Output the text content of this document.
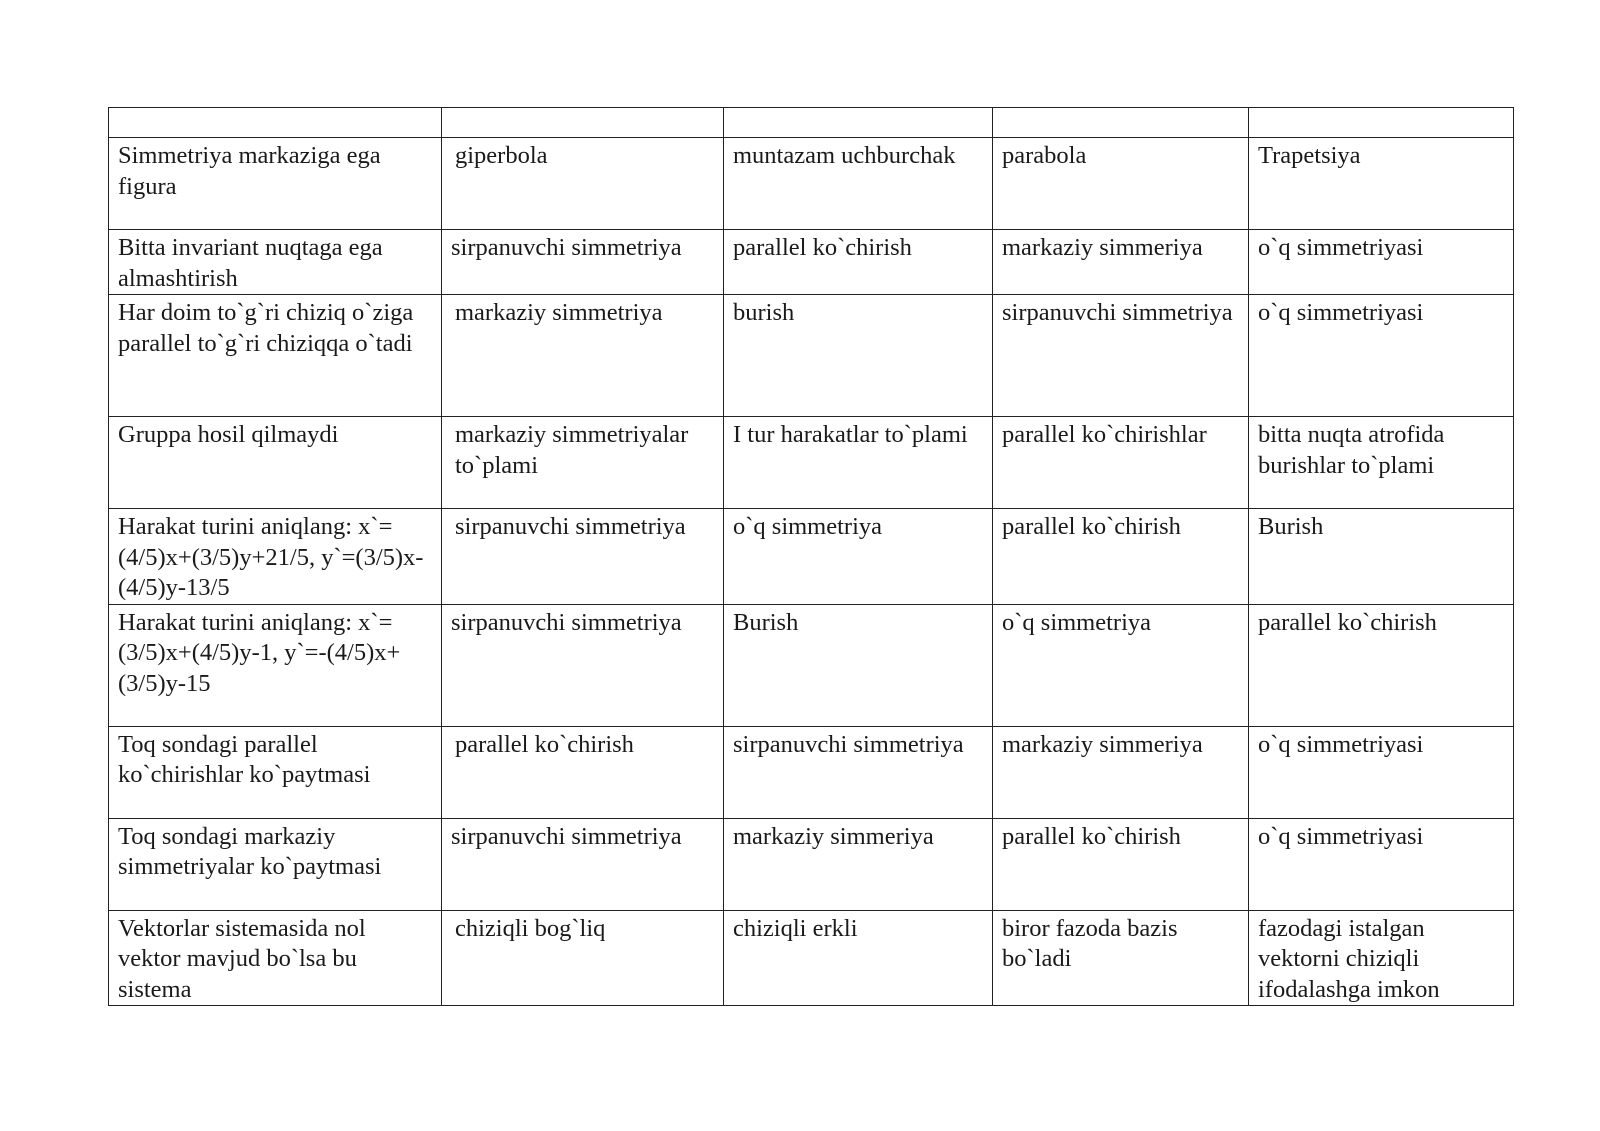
Simmetriya markaziga ega figura	giperbola	muntazam uchburchak	parabola	Trapetsiya
Bitta invariant nuqtaga ega almashtirish	sirpanuvchi simmetriya	parallel ko`chirish	markaziy simmeriya	o`q simmetriyasi
Har doim to`g`ri chiziq o`ziga parallel to`g`ri chiziqqa o`tadi	markaziy simmetriya	burish	sirpanuvchi simmetriya	o`q simmetriyasi
Gruppa hosil qilmaydi	markaziy simmetriyalar to`plami	I tur harakatlar to`plami	parallel ko`chirishlar	bitta nuqta atrofida burishlar to`plami
Harakat turini aniqlang: x`=(4/5)x+(3/5)y+21/5, y`=(3/5)x-(4/5)y-13/5	sirpanuvchi simmetriya	o`q simmetriya	parallel ko`chirish	Burish
Harakat turini aniqlang: x`=(3/5)x+(4/5)y-1, y`=-(4/5)x+(3/5)y-15	sirpanuvchi simmetriya	Burish	o`q simmetriya	parallel ko`chirish
Toq sondagi parallel ko`chirishlar ko`paytmasi	parallel ko`chirish	sirpanuvchi simmetriya	markaziy simmeriya	o`q simmetriyasi
Toq sondagi markaziy simmetriyalar ko`paytmasi	sirpanuvchi simmetriya	markaziy simmeriya	parallel ko`chirish	o`q simmetriyasi
Vektorlar sistemasida nol vektor mavjud bo`lsa bu sistema	chiziqli bog`liq	chiziqli erkli	biror fazoda bazis bo`ladi	fazodagi istalgan vektorni chiziqli ifodalashga imkon
